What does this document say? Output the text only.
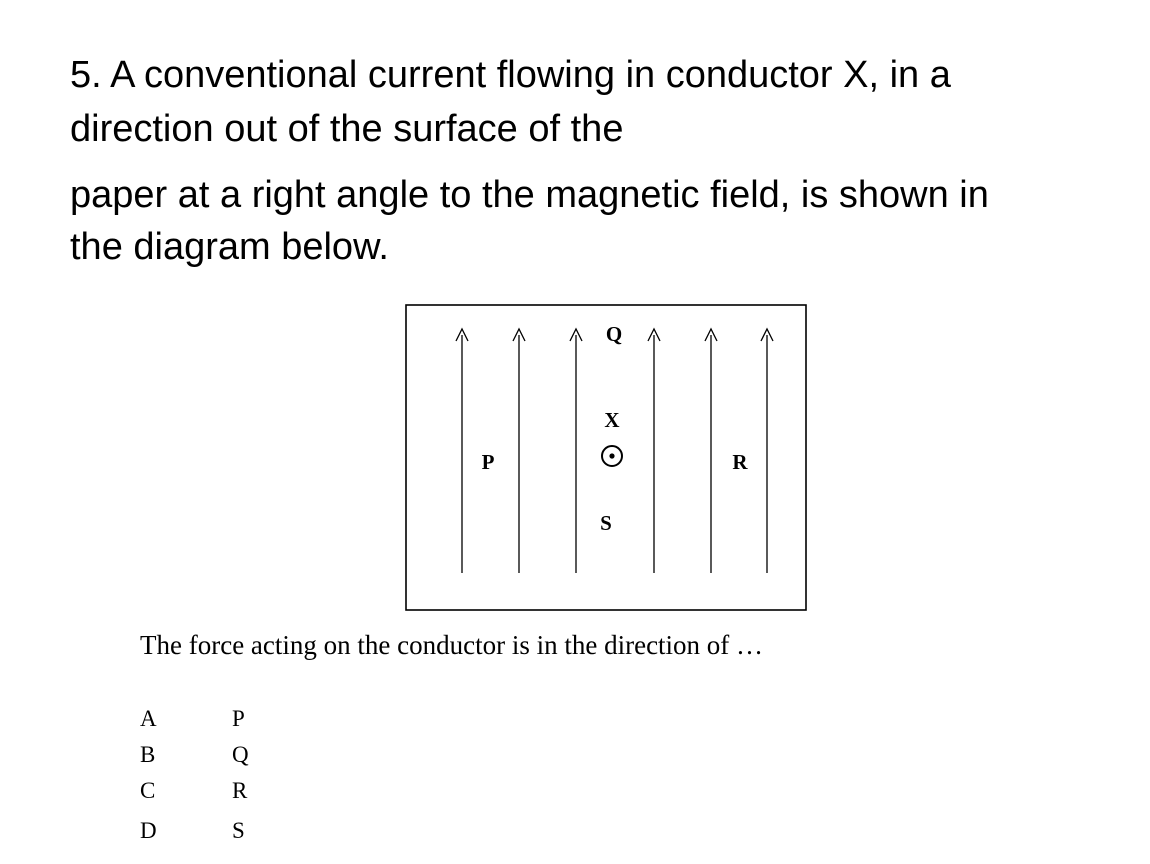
5. A conventional current flowing in conductor X, in a
direction out of the surface of the
paper at a right angle to the magnetic field, is shown in
the diagram below.
Q
X
P	R
S
The force acting on the conductor is in the direction of …
A	P
B	Q
C	R
D	S
